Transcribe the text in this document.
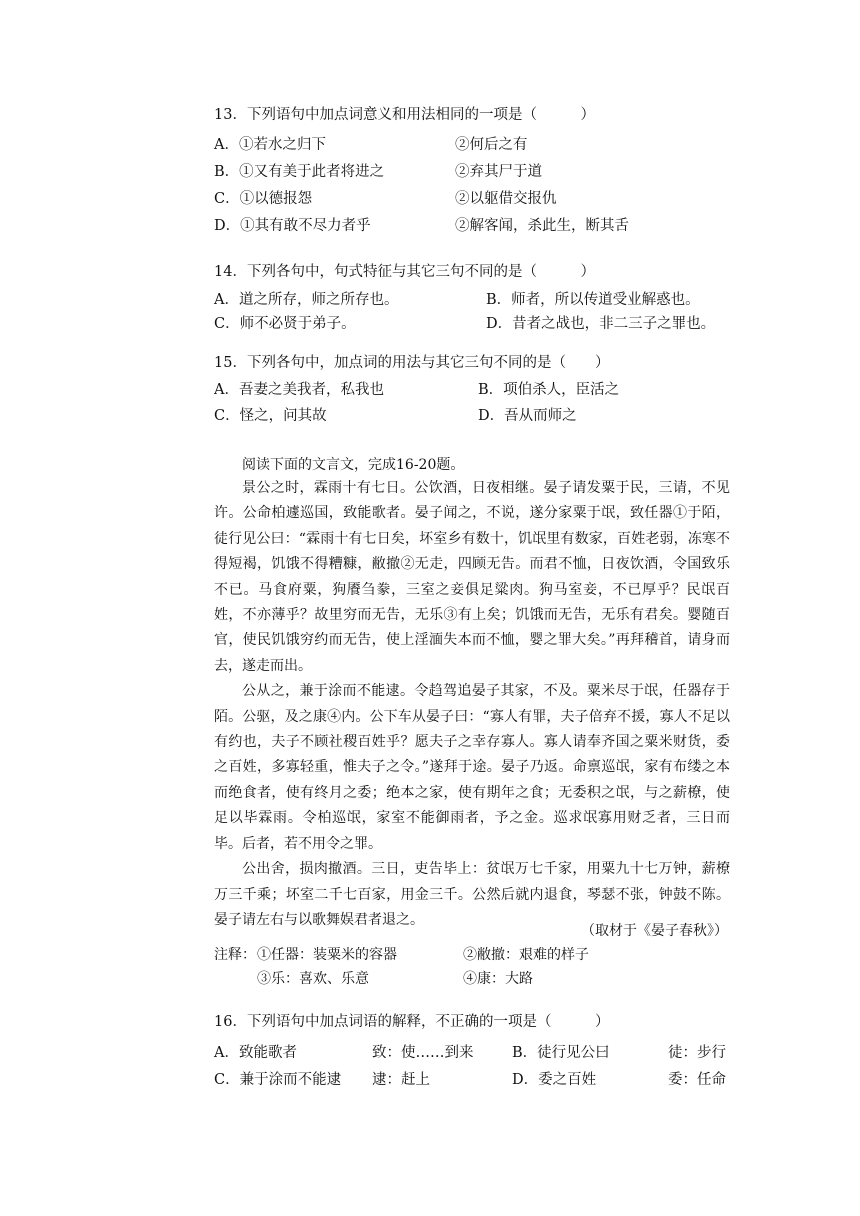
13．下列语句中加点词意义和用法相同的一项是（　　　）
A．①若水之归下	②何后之有
B．①又有美于此者将进之	②弃其尸于道
C．①以德报怨	②以躯借交报仇
D．①其有敢不尽力者乎	②解客闻，杀此生，断其舌
14．下列各句中，句式特征与其它三句不同的是（　　　）
A．道之所存，师之所存也。	B．师者，所以传道受业解惑也。
C．师不必贤于弟子。	D．昔者之战也，非二三子之罪也。
15．下列各句中，加点词的用法与其它三句不同的是（　　）
A．吾妻之美我者，私我也	B．项伯杀人，臣活之
C．怪之，问其故	D．吾从而师之
阅读下面的文言文，完成16-20题。

景公之时，霖雨十有七日。公饮酒，日夜相继。晏子请发粟于民，三请，不见许。公命柏遽巡国，致能歌者。晏子闻之，不说，遂分家粟于氓，致任器①于陌，徒行见公曰：“霖雨十有七日矣，坏室乡有数十，饥氓里有数家，百姓老弱，冻寒不得短褐，饥饿不得糟糠，敝撤②无走，四顾无告。而君不恤，日夜饮酒，令国致乐不已。马食府粟，狗餍刍豢，三室之妾俱足粱肉。狗马室妾，不已厚乎？民氓百姓，不亦薄乎？故里穷而无告，无乐③有上矣；饥饿而无告，无乐有君矣。婴随百官，使民饥饿穷约而无告，使上淫湎失本而不恤，婴之罪大矣。”再拜稽首，请身而去，遂走而出。

公从之，兼于涂而不能逮。令趋驾追晏子其家，不及。粟米尽于氓，任器存于陌。公驱，及之康④内。公下车从晏子曰：“寡人有罪，夫子倍弃不援，寡人不足以有约也，夫子不顾社稷百姓乎？愿夫子之幸存寡人。寡人请奉齐国之粟米财货，委之百姓，多寡轻重，惟夫子之令。”遂拜于途。晏子乃返。命禀巡氓，家有布缕之本而绝食者，使有终月之委；绝本之家，使有期年之食；无委积之氓，与之薪橑，使足以毕霖雨。令柏巡氓，家室不能御雨者，予之金。巡求氓寡用财乏者，三日而毕。后者，若不用令之罪。

公出舍，损肉撤酒。三日，吏告毕上：贫氓万七千家，用粟九十七万钟，薪橑万三千乘；坏室二千七百家，用金三千。公然后就内退食，琴瑟不张，钟鼓不陈。晏子请左右与以歌舞娱君者退之。

（取材于《晏子春秋》）
注释： ①任器：装粟米的容器	②敝撤：艰难的样子
③乐：喜欢、乐意	④康：大路
16．下列语句中加点词语的解释，不正确的一项是（　　　）
A．致能歌者	致：使……到来	B．徒行见公曰	徒：步行
C．兼于涂而不能逮 逮：赶上	D．委之百姓	委：任命
